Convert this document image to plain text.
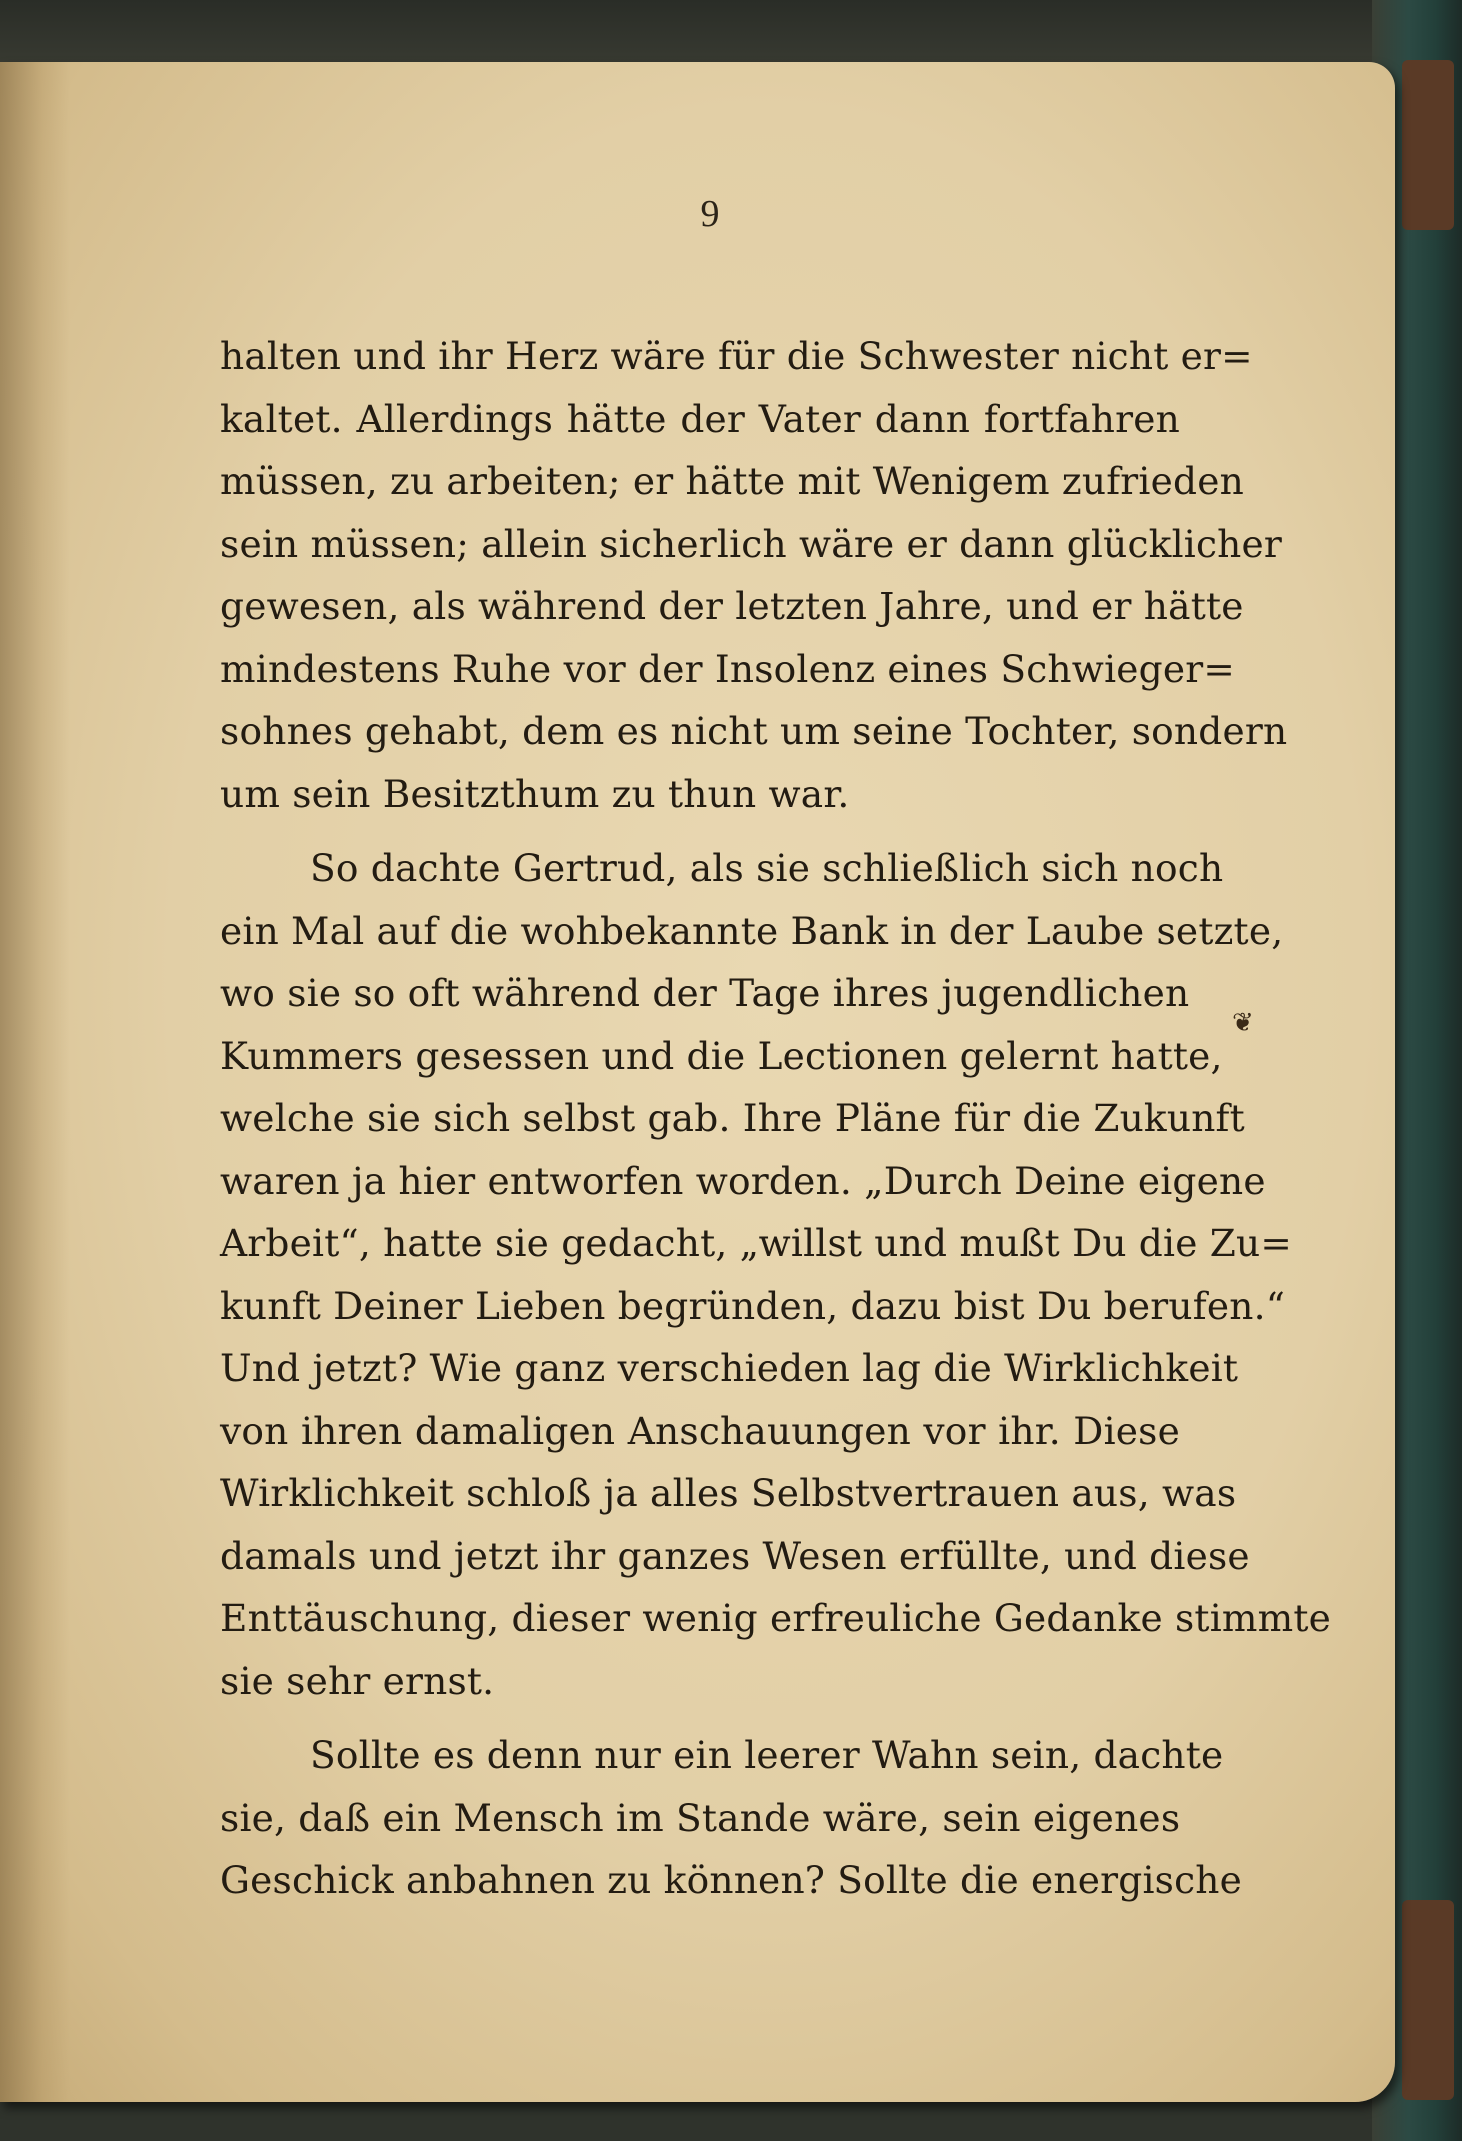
9
halten und ihr Herz wäre für die Schwester nicht er=
kaltet. Allerdings hätte der Vater dann fortfahren
müssen, zu arbeiten; er hätte mit Wenigem zufrieden
sein müssen; allein sicherlich wäre er dann glücklicher
gewesen, als während der letzten Jahre, und er hätte
mindestens Ruhe vor der Insolenz eines Schwieger=
sohnes gehabt, dem es nicht um seine Tochter, sondern
um sein Besitzthum zu thun war.
So dachte Gertrud, als sie schließlich sich noch
ein Mal auf die wohbekannte Bank in der Laube setzte,
wo sie so oft während der Tage ihres jugendlichen
Kummers gesessen und die Lectionen gelernt hatte,
welche sie sich selbst gab. Ihre Pläne für die Zukunft
waren ja hier entworfen worden. „Durch Deine eigene
Arbeit“, hatte sie gedacht, „willst und mußt Du die Zu=
kunft Deiner Lieben begründen, dazu bist Du berufen.“
Und jetzt? Wie ganz verschieden lag die Wirklichkeit
von ihren damaligen Anschauungen vor ihr. Diese
Wirklichkeit schloß ja alles Selbstvertrauen aus, was
damals und jetzt ihr ganzes Wesen erfüllte, und diese
Enttäuschung, dieser wenig erfreuliche Gedanke stimmte
sie sehr ernst.
Sollte es denn nur ein leerer Wahn sein, dachte
sie, daß ein Mensch im Stande wäre, sein eigenes
Geschick anbahnen zu können? Sollte die energische
❦
